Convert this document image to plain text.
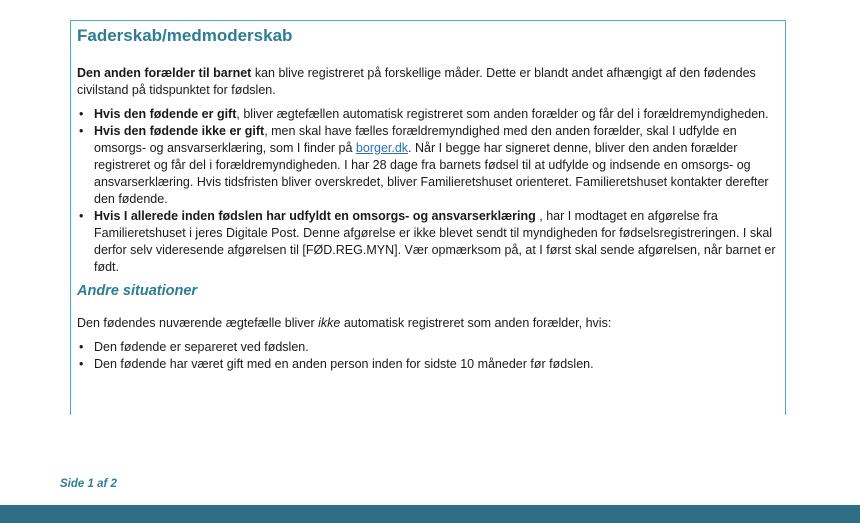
Faderskab/medmoderskab

Den anden forælder til barnet kan blive registreret på forskellige måder. Dette er blandt andet afhængigt af den fødendes civilstand på tidspunktet for fødslen.

• Hvis den fødende er gift, bliver ægtefællen automatisk registreret som anden forælder og får del i forældremyndigheden.
• Hvis den fødende ikke er gift, men skal have fælles forældremyndighed med den anden forælder, skal I udfylde en omsorgs- og ansvarserklæring, som I finder på borger.dk. Når I begge har signeret denne, bliver den anden forælder registreret og får del i forældremyndigheden. I har 28 dage fra barnets fødsel til at udfylde og indsende en omsorgs- og ansvarserklæring. Hvis tidsfristen bliver overskredet, bliver Familieretshuset orienteret. Familieretshuset kontakter derefter den fødende.
• Hvis I allerede inden fødslen har udfyldt en omsorgs- og ansvarserklæring , har I modtaget en afgørelse fra Familieretshuset i jeres Digitale Post. Denne afgørelse er ikke blevet sendt til myndigheden for fødselsregistreringen. I skal derfor selv videresende afgørelsen til [FØD.REG.MYN]. Vær opmærksom på, at I først skal sende afgørelsen, når barnet er født.
Andre situationer

Den fødendes nuværende ægtefælle bliver ikke automatisk registreret som anden forælder, hvis:

• Den fødende er separeret ved fødslen.
• Den fødende har været gift med en anden person inden for sidste 10 måneder før fødslen.
Side 1 af 2
